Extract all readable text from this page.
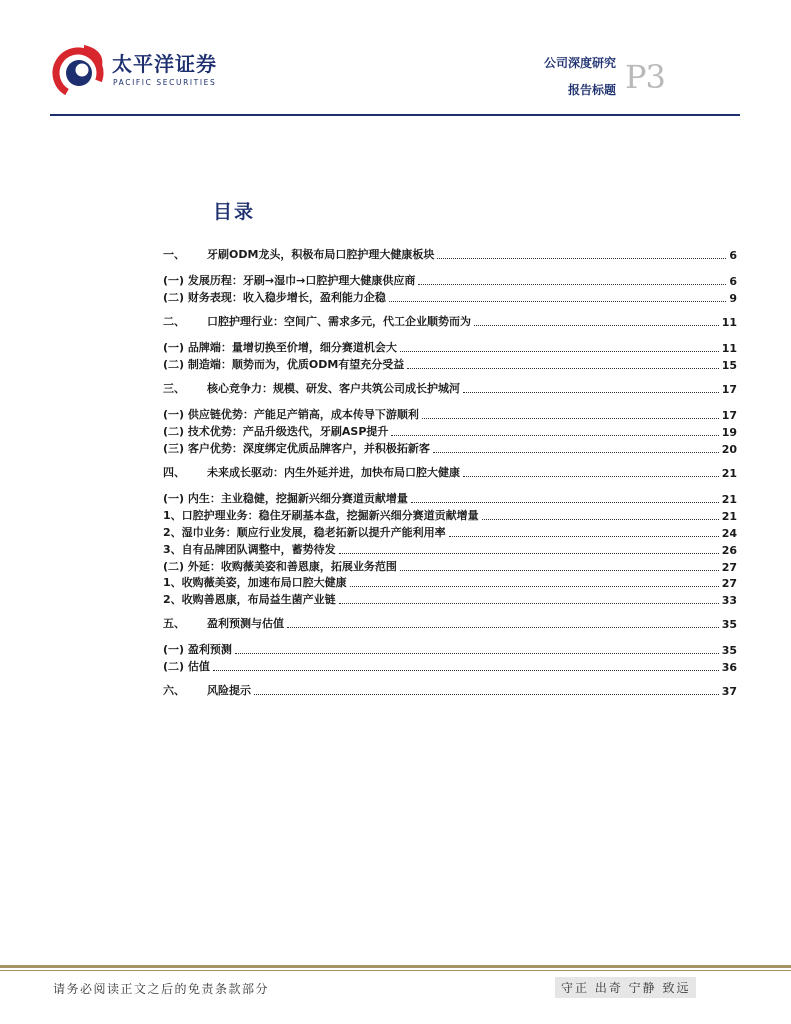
太平洋证券
PACIFIC SECURITIES
公司深度研究
报告标题 P3
目录
一、	牙刷ODM龙头，积极布局口腔护理大健康板块	6
(一) 发展历程：牙刷→湿巾→口腔护理大健康供应商	6
(二) 财务表现：收入稳步增长，盈利能力企稳	9
二、	口腔护理行业：空间广、需求多元，代工企业顺势而为	11
(一) 品牌端：量增切换至价增，细分赛道机会大	11
(二) 制造端：顺势而为，优质ODM有望充分受益	15
三、	核心竞争力：规模、研发、客户共筑公司成长护城河	17
(一) 供应链优势：产能足产销高，成本传导下游顺利	17
(二) 技术优势：产品升级迭代，牙刷ASP提升	19
(三) 客户优势：深度绑定优质品牌客户，并积极拓新客	20
四、	未来成长驱动：内生外延并进，加快布局口腔大健康	21
(一) 内生：主业稳健，挖掘新兴细分赛道贡献增量	21
1、口腔护理业务：稳住牙刷基本盘，挖掘新兴细分赛道贡献增量	21
2、湿巾业务：顺应行业发展，稳老拓新以提升产能利用率	24
3、自有品牌团队调整中，蓄势待发	26
(二) 外延：收购薇美姿和善恩康，拓展业务范围	27
1、收购薇美姿，加速布局口腔大健康	27
2、收购善恩康，布局益生菌产业链	33
五、	盈利预测与估值	35
(一) 盈利预测	35
(二) 估值	36
六、	风险提示	37
请务必阅读正文之后的免责条款部分	守正 出奇 宁静 致远
